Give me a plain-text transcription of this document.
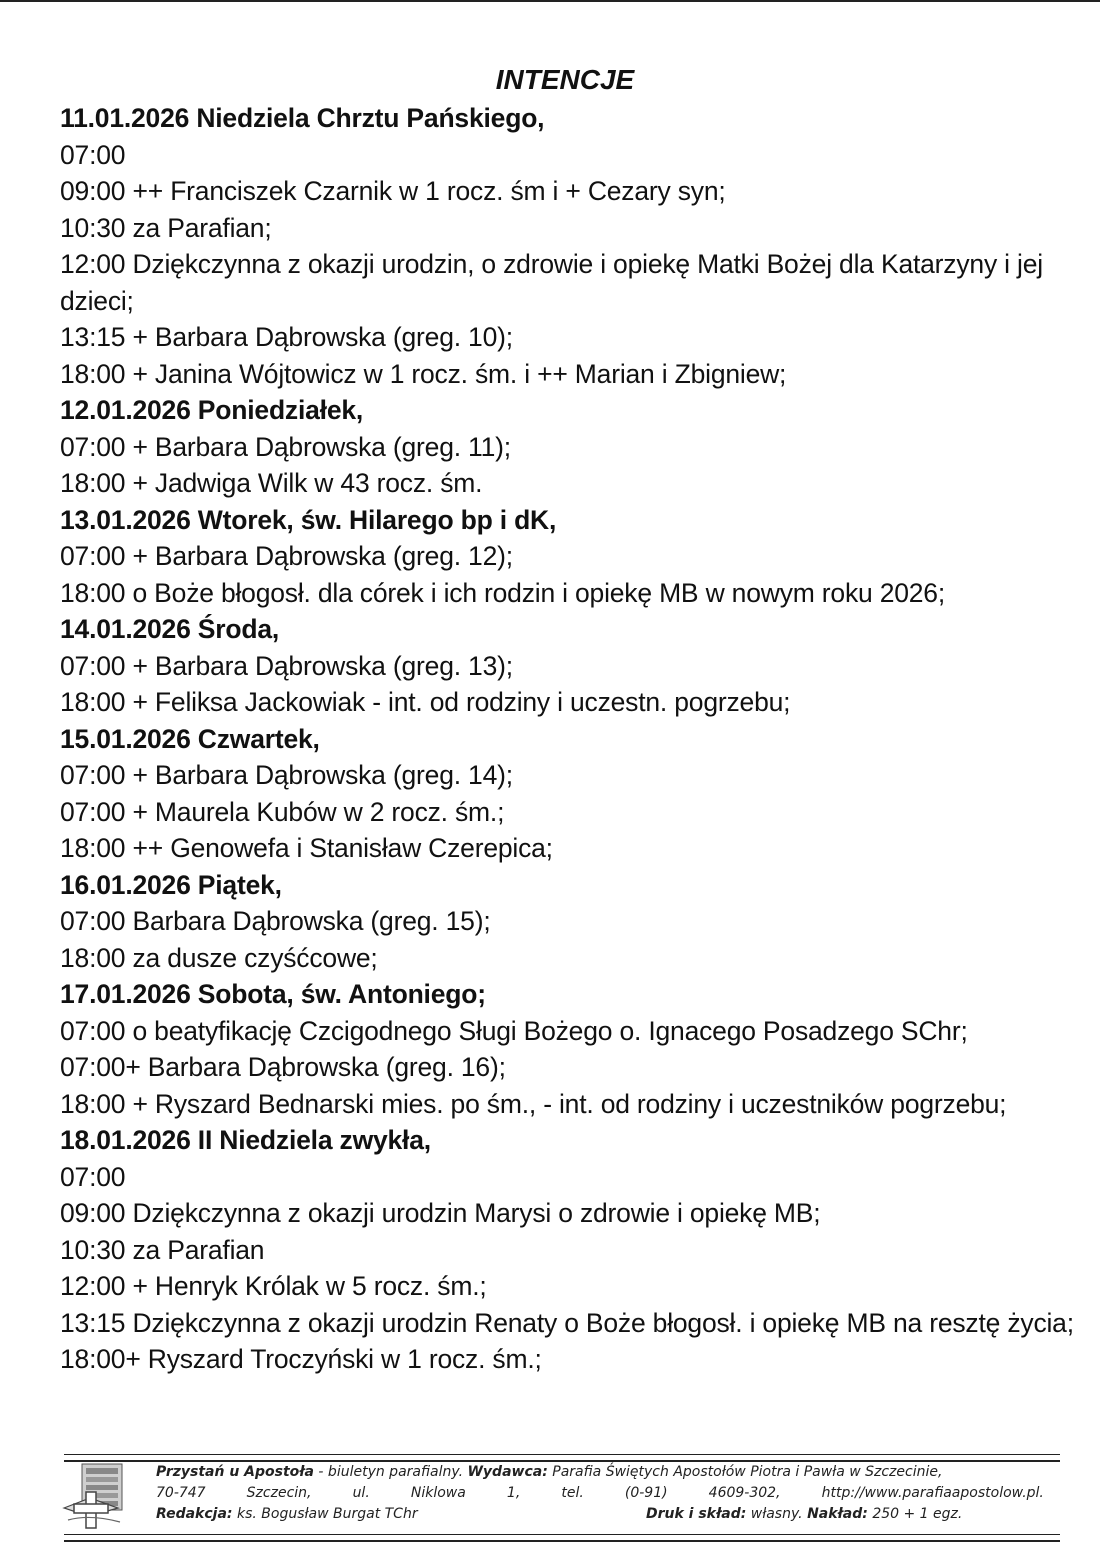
INTENCJE
11.01.2026 Niedziela Chrztu Pańskiego,
07:00
09:00 ++ Franciszek Czarnik w 1 rocz. śm i + Cezary syn;
10:30 za Parafian;
12:00 Dziękczynna z okazji urodzin, o zdrowie i opiekę Matki Bożej dla Katarzyny i jej dzieci;
13:15 + Barbara Dąbrowska (greg. 10);
18:00 + Janina Wójtowicz w 1 rocz. śm. i ++ Marian i Zbigniew;
12.01.2026 Poniedziałek,
07:00 + Barbara Dąbrowska (greg. 11);
18:00 + Jadwiga Wilk w 43 rocz. śm.
13.01.2026 Wtorek, św. Hilarego bp i dK,
07:00 + Barbara Dąbrowska (greg. 12);
18:00 o Boże błogosł. dla córek i ich rodzin i opiekę MB w nowym roku 2026;
14.01.2026 Środa,
07:00 + Barbara Dąbrowska (greg. 13);
18:00 + Feliksa Jackowiak - int. od rodziny i uczestn. pogrzebu;
15.01.2026 Czwartek,
07:00 + Barbara Dąbrowska (greg. 14);
07:00 + Maurela Kubów w 2 rocz. śm.;
18:00 ++ Genowefa i Stanisław Czerepica;
16.01.2026 Piątek,
07:00 Barbara Dąbrowska (greg. 15);
18:00 za dusze czyśćcowe;
17.01.2026 Sobota, św. Antoniego;
07:00 o beatyfikację Czcigodnego Sługi Bożego o. Ignacego Posadzego SChr;
07:00+ Barbara Dąbrowska (greg. 16);
18:00 + Ryszard Bednarski mies. po śm., - int. od rodziny i uczestników pogrzebu;
18.01.2026 II Niedziela zwykła,
07:00
09:00 Dziękczynna z okazji urodzin Marysi o zdrowie i opiekę MB;
10:30 za Parafian
12:00 + Henryk Królak w 5 rocz. śm.;
13:15 Dziękczynna z okazji urodzin Renaty o Boże błogosł. i opiekę MB na resztę życia;
18:00+ Ryszard Troczyński w 1 rocz. śm.;
Przystań u Apostoła - biuletyn parafialny. Wydawca: Parafia Świętych Apostołów Piotra i Pawła w Szczecinie,
70-747	Szczecin,	ul.	Niklowa	1,	tel.	(0-91)	4609-302,	http://www.parafiaapostolow.pl.
Redakcja: ks. Bogusław Burgat TChr	Druk i skład: własny. Nakład: 250 + 1 egz.
